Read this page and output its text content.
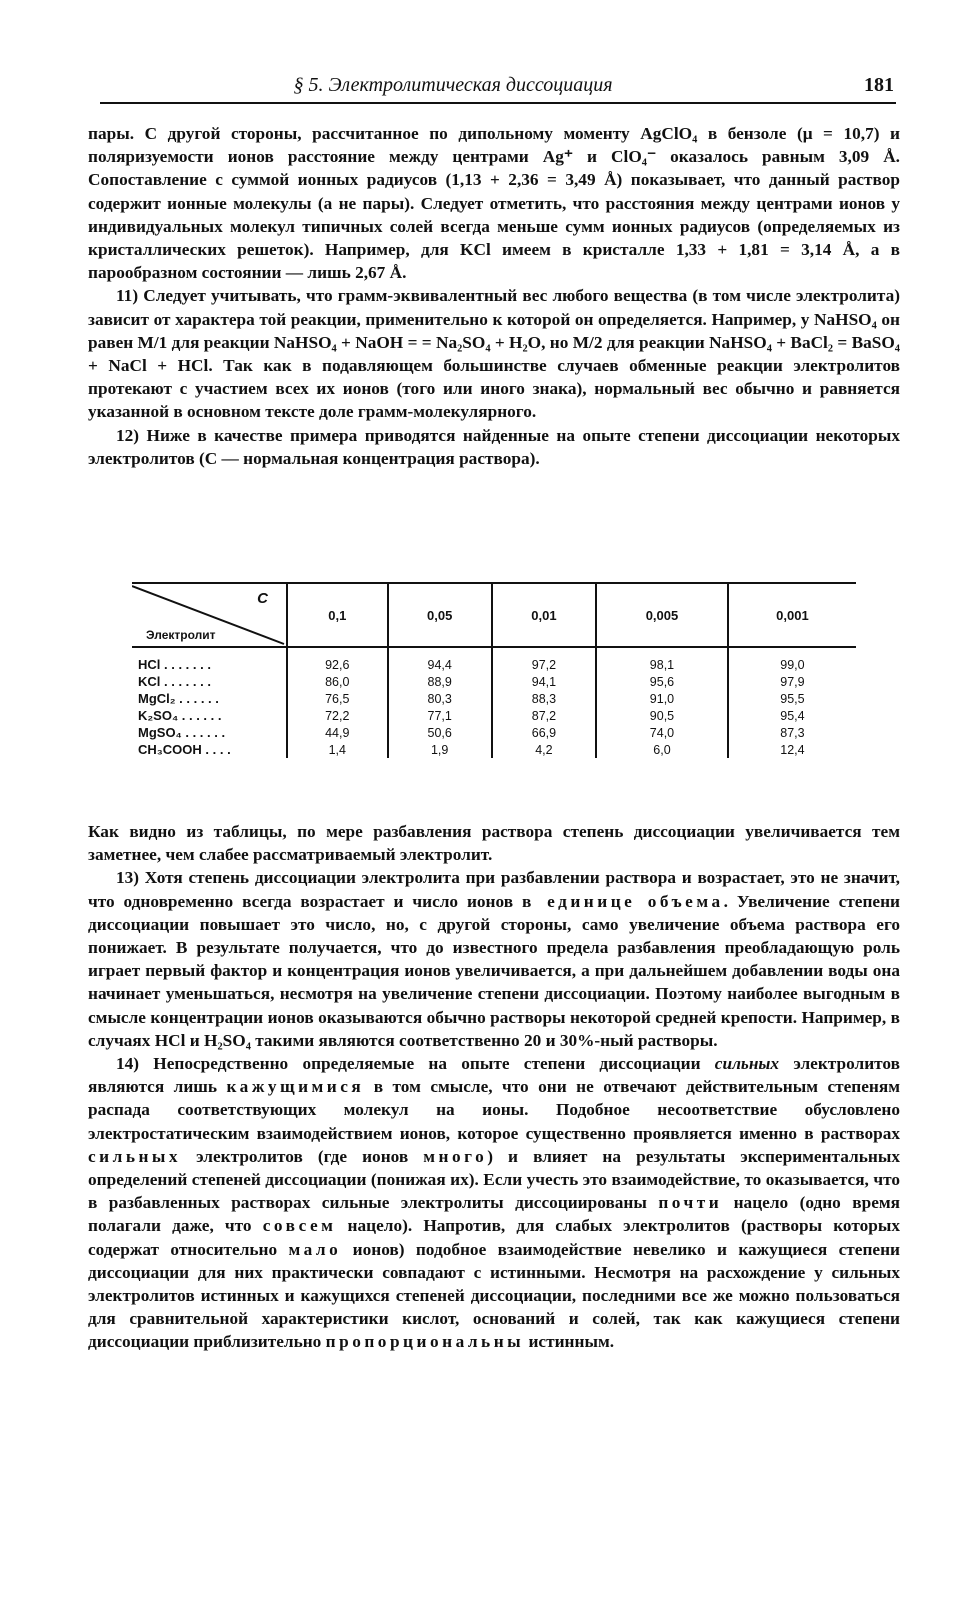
§ 5. Электролитическая диссоциация	181

пары. С другой стороны, рассчитанное по дипольному моменту AgClO₄ в бензоле (μ = 10,7) и поляризуемости ионов расстояние между центрами Ag⁺ и ClO₄⁻ оказалось равным 3,09 Å. Сопоставление с суммой ионных радиусов (1,13 + 2,36 = 3,49 Å) показывает, что данный раствор содержит ионные молекулы (а не пары). Следует отметить, что расстояния между центрами ионов у индивидуальных молекул типичных солей всегда меньше сумм ионных радиусов (определяемых из кристаллических решеток). Например, для KCl имеем в кристалле 1,33 + 1,81 = 3,14 Å, а в парообразном состоянии — лишь 2,67 Å.

11) Следует учитывать, что грамм-эквивалентный вес любого вещества (в том числе электролита) зависит от характера той реакции, применительно к которой он определяется. Например, у NaHSO₄ он равен M/1 для реакции NaHSO₄ + NaOH = = Na₂SO₄ + H₂O, но M/2 для реакции NaHSO₄ + BaCl₂ = BaSO₄ + NaCl + HCl. Так как в подавляющем большинстве случаев обменные реакции электролитов протекают с участием всех их ионов (того или иного знака), нормальный вес обычно и равняется указанной в основном тексте доле грамм-молекулярного.

12) Ниже в качестве примера приводятся найденные на опыте степени диссоциации некоторых электролитов (C — нормальная концентрация раствора).

C
Электролит	0,1	0,05	0,01	0,005	0,001
HCl . . . . . . .	92,6	94,4	97,2	98,1	99,0
KCl . . . . . . .	86,0	88,9	94,1	95,6	97,9
MgCl₂ . . . . . .	76,5	80,3	88,3	91,0	95,5
K₂SO₄ . . . . . .	72,2	77,1	87,2	90,5	95,4
MgSO₄ . . . . . .	44,9	50,6	66,9	74,0	87,3
CH₃COOH . . . .	1,4	1,9	4,2	6,0	12,4

Как видно из таблицы, по мере разбавления раствора степень диссоциации увеличивается тем заметнее, чем слабее рассматриваемый электролит.

13) Хотя степень диссоциации электролита при разбавлении раствора и возрастает, это не значит, что одновременно всегда возрастает и число ионов в единице объема. Увеличение степени диссоциации повышает это число, но, с другой стороны, само увеличение объема раствора его понижает. В результате получается, что до известного предела разбавления преобладающую роль играет первый фактор и концентрация ионов увеличивается, а при дальнейшем добавлении воды она начинает уменьшаться, несмотря на увеличение степени диссоциации. Поэтому наиболее выгодным в смысле концентрации ионов оказываются обычно растворы некоторой средней крепости. Например, в случаях HCl и H₂SO₄ такими являются соответственно 20 и 30%-ный растворы.

14) Непосредственно определяемые на опыте степени диссоциации сильных электролитов являются лишь кажущимися в том смысле, что они не отвечают действительным степеням распада соответствующих молекул на ионы. Подобное несоответствие обусловлено электростатическим взаимодействием ионов, которое существенно проявляется именно в растворах сильных электролитов (где ионов много) и влияет на результаты экспериментальных определений степеней диссоциации (понижая их). Если учесть это взаимодействие, то оказывается, что в разбавленных растворах сильные электролиты диссоциированы почти нацело (одно время полагали даже, что совсем нацело). Напротив, для слабых электролитов (растворы которых содержат относительно мало ионов) подобное взаимодействие невелико и кажущиеся степени диссоциации для них практически совпадают с истинными. Несмотря на расхождение у сильных электролитов истинных и кажущихся степеней диссоциации, последними все же можно пользоваться для сравнительной характеристики кислот, оснований и солей, так как кажущиеся степени диссоциации приблизительно пропорциональны истинным.
